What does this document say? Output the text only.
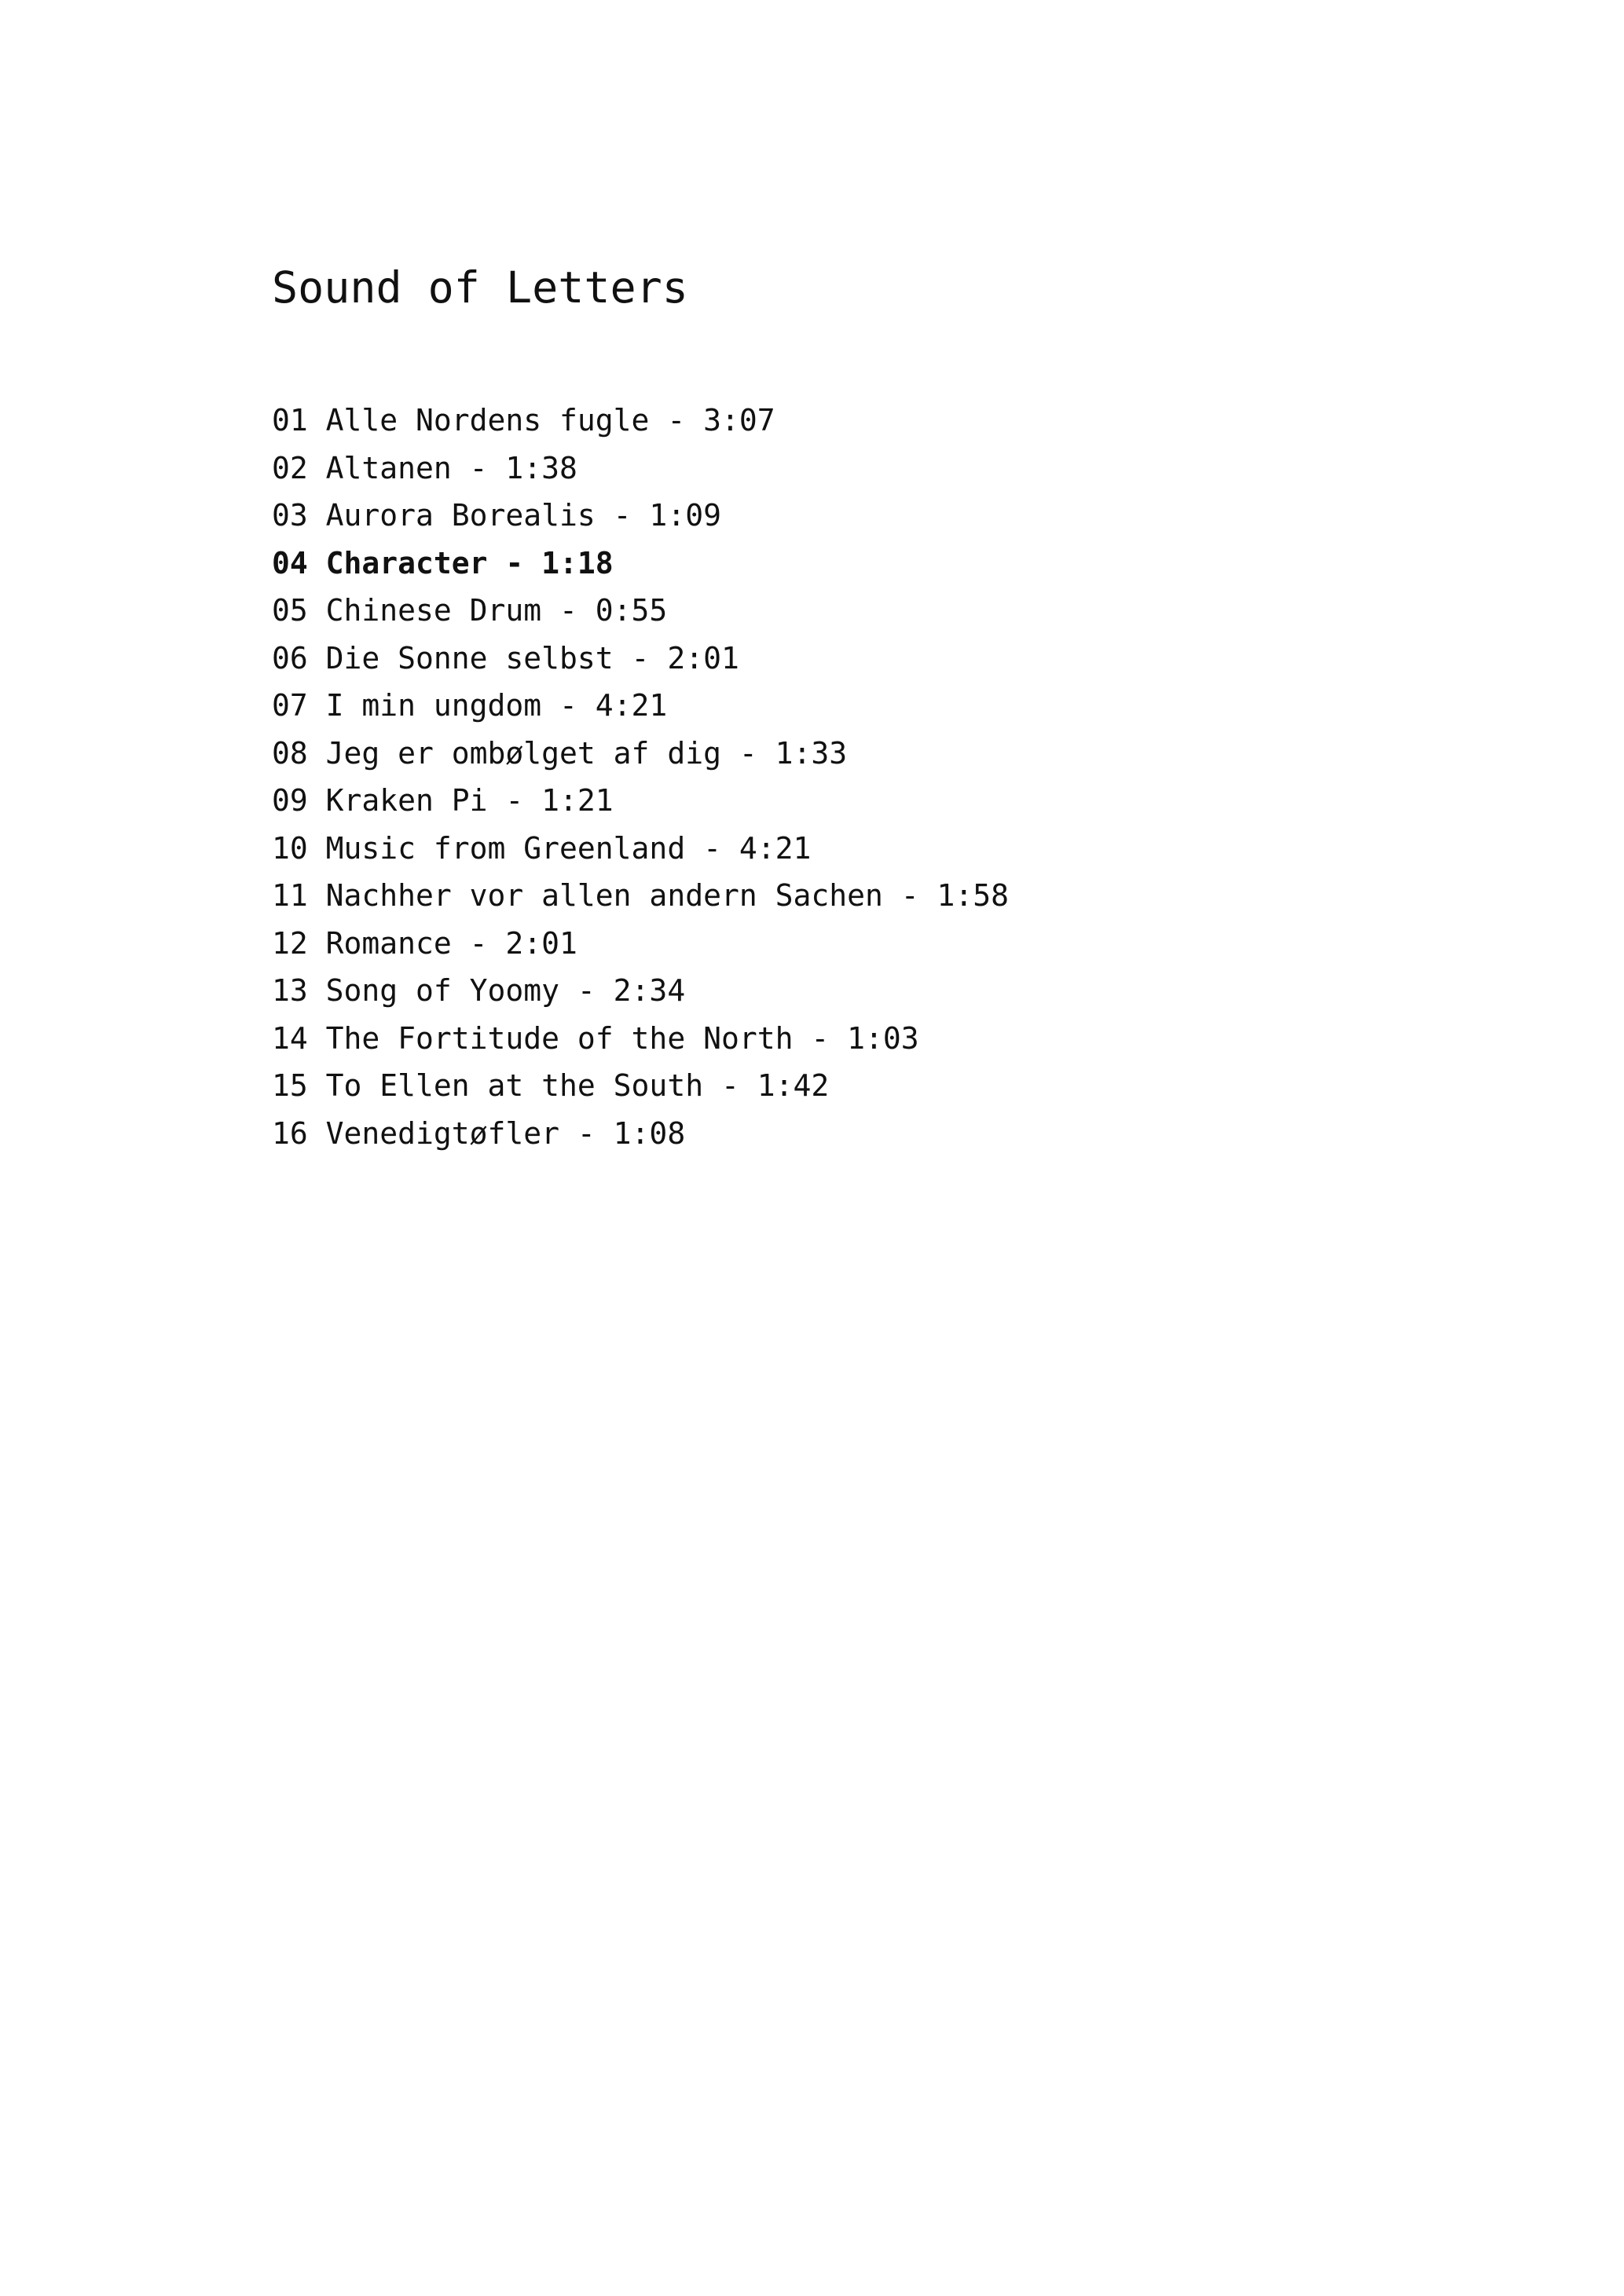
Sound of Letters
01 Alle Nordens fugle - 3:07
02 Altanen - 1:38
03 Aurora Borealis - 1:09
04 Character - 1:18
05 Chinese Drum - 0:55
06 Die Sonne selbst - 2:01
07 I min ungdom - 4:21
08 Jeg er ombølget af dig - 1:33
09 Kraken Pi - 1:21
10 Music from Greenland - 4:21
11 Nachher vor allen andern Sachen - 1:58
12 Romance - 2:01
13 Song of Yoomy - 2:34
14 The Fortitude of the North - 1:03
15 To Ellen at the South - 1:42
16 Venedigtøfler - 1:08
